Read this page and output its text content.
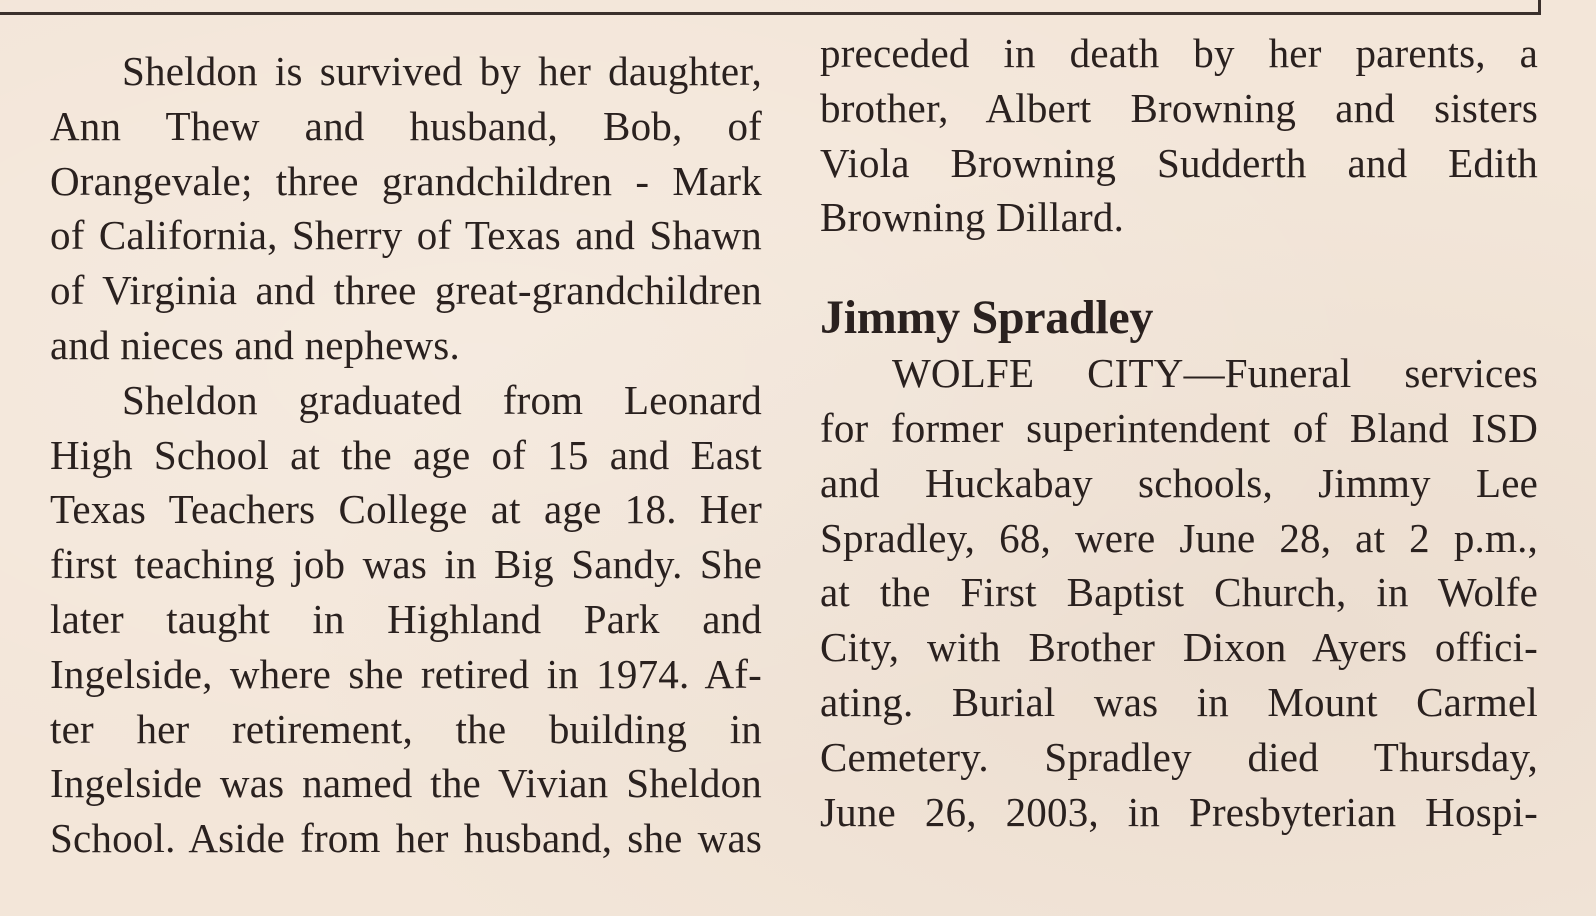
Sheldon is survived by her daughter,
Ann Thew and husband, Bob, of
Orangevale; three grandchildren - Mark
of California, Sherry of Texas and Shawn
of Virginia and three great-grandchildren
and nieces and nephews.

Sheldon graduated from Leonard
High School at the age of 15 and East
Texas Teachers College at age 18. Her
first teaching job was in Big Sandy. She
later taught in Highland Park and
Ingelside, where she retired in 1974. Af-
ter her retirement, the building in
Ingelside was named the Vivian Sheldon
School. Aside from her husband, she was

preceded in death by her parents, a
brother, Albert Browning and sisters
Viola Browning Sudderth and Edith
Browning Dillard.

Jimmy Spradley

WOLFE CITY—Funeral services
for former superintendent of Bland ISD
and Huckabay schools, Jimmy Lee
Spradley, 68, were June 28, at 2 p.m.,
at the First Baptist Church, in Wolfe
City, with Brother Dixon Ayers offici-
ating. Burial was in Mount Carmel
Cemetery. Spradley died Thursday,
June 26, 2003, in Presbyterian Hospi-
